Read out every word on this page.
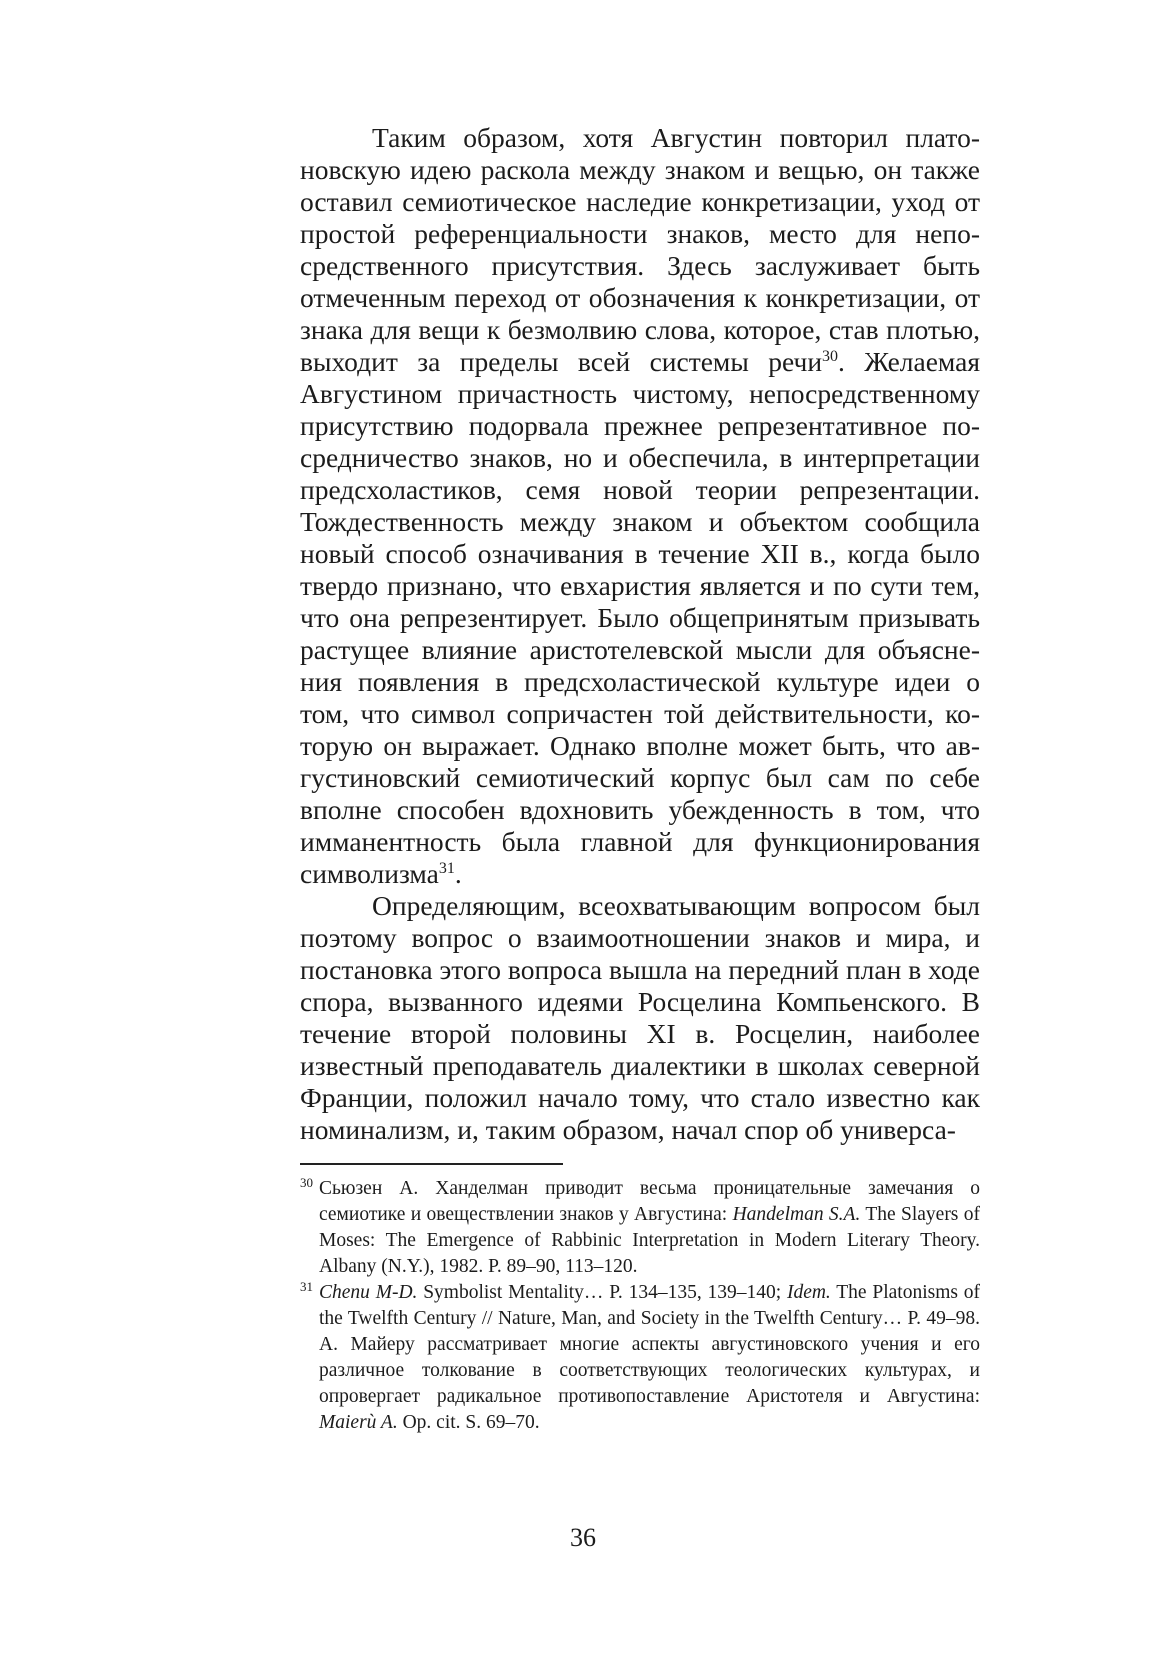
Таким образом, хотя Августин повторил платоновскую идею раскола между знаком и вещью, он также оставил семиотическое наследие конкретизации, уход от простой референциальности знаков, место для непосредственного присутствия. Здесь заслуживает быть отмеченным переход от обозначения к конкретизации, от знака для вещи к безмолвию слова, которое, став плотью, выходит за пределы всей системы речи$^{30}$. Желаемая Августином причастность чистому, непосредственному присутствию подорвала прежнее репрезентативное посредничество знаков, но и обеспечила, в интерпретации предсхоластиков, семя новой теории репрезентации. Тождественность между знаком и объектом сообщила новый способ означивания в течение XII в., когда было твердо признано, что евхаристия является и по сути тем, что она репрезентирует. Было общепринятым призывать растущее влияние аристотелевской мысли для объяснения появления в предсхоластической культуре идеи о том, что символ сопричастен той действительности, которую он выражает. Однако вполне может быть, что августиновский семиотический корпус был сам по себе вполне способен вдохновить убежденность в том, что имманентность была главной для функционирования символизма$^{31}$.

Определяющим, всеохватывающим вопросом был поэтому вопрос о взаимоотношении знаков и мира, и постановка этого вопроса вышла на передний план в ходе спора, вызванного идеями Росцелина Компьенского. В течение второй половины XI в. Росцелин, наиболее известный преподаватель диалектики в школах северной Франции, положил начало тому, что стало известно как номинализм, и, таким образом, начал спор об универса-

30 Сьюзен А. Ханделман приводит весьма проницательные замечания о семиотике и овеществлении знаков у Августина: Handelman S.A. The Slayers of Moses: The Emergence of Rabbinic Interpretation in Modern Literary Theory. Albany (N.Y.), 1982. P. 89–90, 113–120.

31 Chenu M-D. Symbolist Mentality… P. 134–135, 139–140; Idem. The Platonisms of the Twelfth Century // Nature, Man, and Society in the Twelfth Century… P. 49–98. А. Майеру рассматривает многие аспекты августиновского учения и его различное толкование в соответствующих теологических культурах, и опровергает радикальное противопоставление Аристотеля и Августина: Maierù A. Op. cit. S. 69–70.

36
